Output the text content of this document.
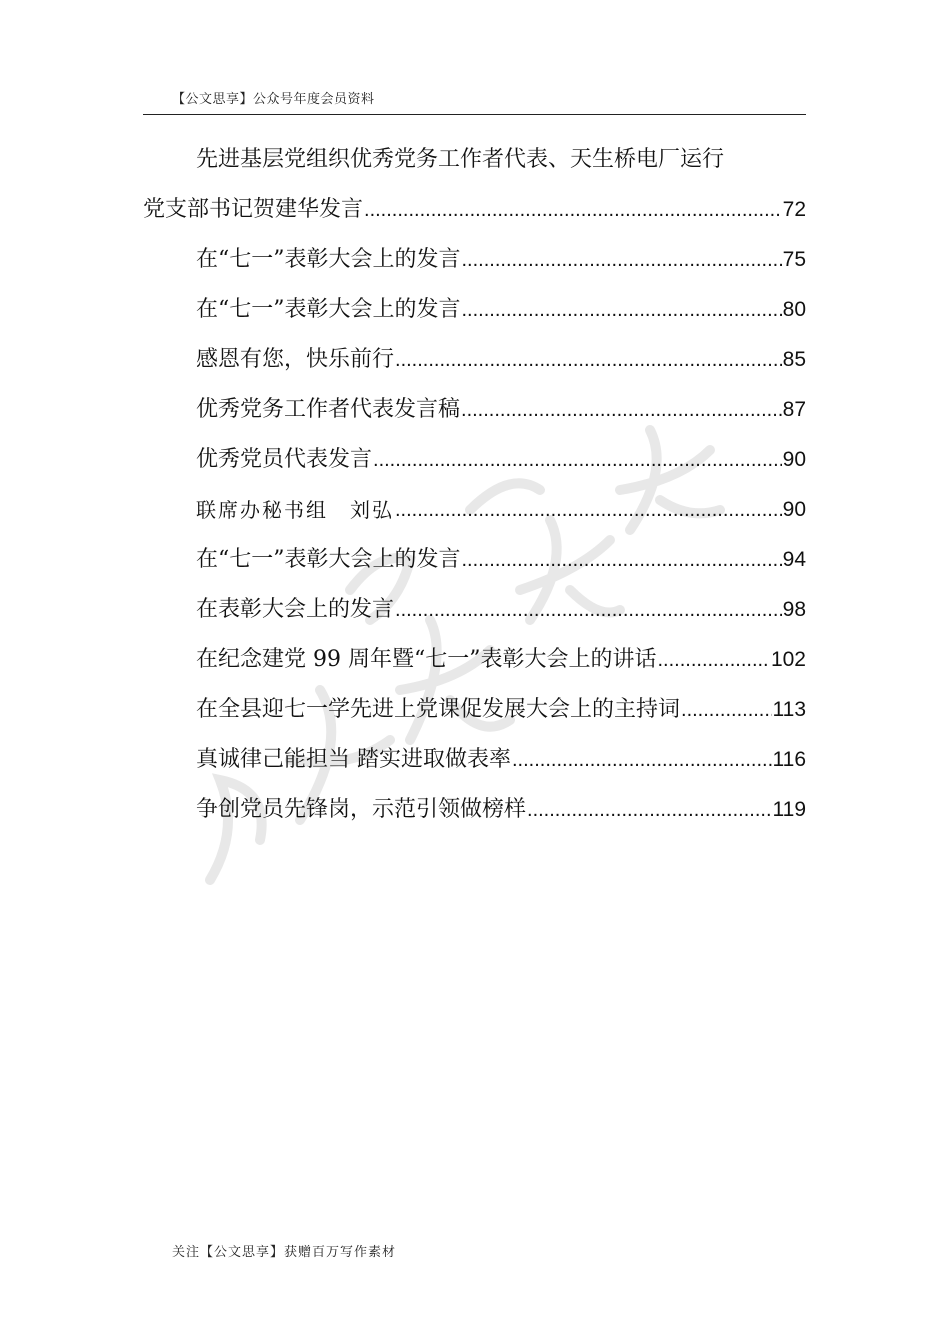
【公文思享】公众号年度会员资料
先进基层党组织优秀党务工作者代表、天生桥电厂运行
党支部书记贺建华发言 .....	72
在“七一”表彰大会上的发言 .....	75
在“七一”表彰大会上的发言 .....	80
感恩有您，快乐前行 .....	85
优秀党务工作者代表发言稿 .....	87
优秀党员代表发言 .....	90
联席办秘书组　刘弘 .....	90
在“七一”表彰大会上的发言 .....	94
在表彰大会上的发言 .....	98
在纪念建党 99 周年暨“七一”表彰大会上的讲话 .....	102
在全县迎七一学先进上党课促发展大会上的主持词 .....	113
真诚律己能担当 踏实进取做表率 .....	116
争创党员先锋岗，示范引领做榜样 .....	119
关注【公文思享】获赠百万写作素材
